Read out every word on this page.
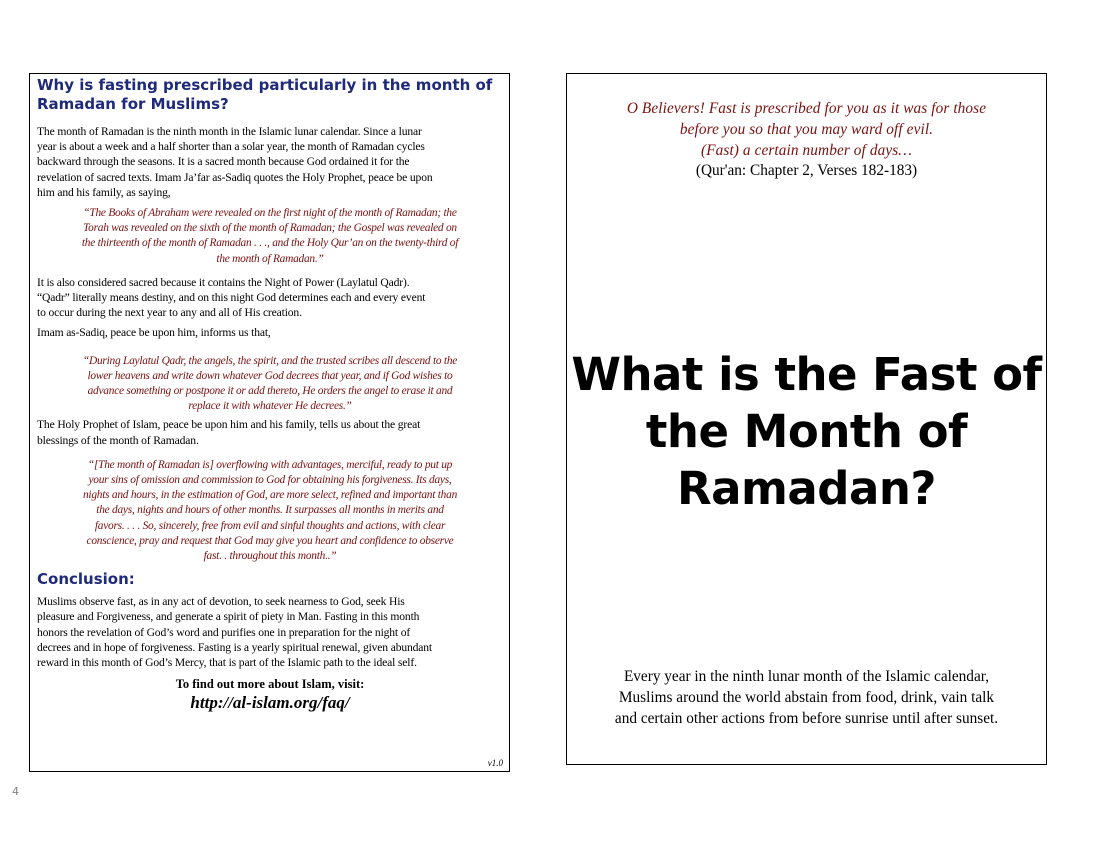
Why is fasting prescribed particularly in the month of Ramadan for Muslims?

The month of Ramadan is the ninth month in the Islamic lunar calendar. Since a lunar
year is about a week and a half shorter than a solar year, the month of Ramadan cycles
backward through the seasons. It is a sacred month because God ordained it for the
revelation of sacred texts. Imam Ja’far as-Sadiq quotes the Holy Prophet, peace be upon
him and his family, as saying,

“The Books of Abraham were revealed on the first night of the month of Ramadan; the
Torah was revealed on the sixth of the month of Ramadan; the Gospel was revealed on
the thirteenth of the month of Ramadan . . ., and the Holy Qur’an on the twenty-third of
the month of Ramadan.”

It is also considered sacred because it contains the Night of Power (Laylatul Qadr).
“Qadr” literally means destiny, and on this night God determines each and every event
to occur during the next year to any and all of His creation.

Imam as-Sadiq, peace be upon him, informs us that,

“During Laylatul Qadr, the angels, the spirit, and the trusted scribes all descend to the
lower heavens and write down whatever God decrees that year, and if God wishes to
advance something or postpone it or add thereto, He orders the angel to erase it and
replace it with whatever He decrees.”

The Holy Prophet of Islam, peace be upon him and his family, tells us about the great
blessings of the month of Ramadan.

“[The month of Ramadan is] overflowing with advantages, merciful, ready to put up
your sins of omission and commission to God for obtaining his forgiveness. Its days,
nights and hours, in the estimation of God, are more select, refined and important than
the days, nights and hours of other months. It surpasses all months in merits and
favors. . . . So, sincerely, free from evil and sinful thoughts and actions, with clear
conscience, pray and request that God may give you heart and confidence to observe
fast. . throughout this month..”

Conclusion:

Muslims observe fast, as in any act of devotion, to seek nearness to God, seek His
pleasure and Forgiveness, and generate a spirit of piety in Man. Fasting in this month
honors the revelation of God’s word and purifies one in preparation for the night of
decrees and in hope of forgiveness. Fasting is a yearly spiritual renewal, given abundant
reward in this month of God’s Mercy, that is part of the Islamic path to the ideal self.

To find out more about Islam, visit:
http://al-islam.org/faq/
v1.0
O Believers! Fast is prescribed for you as it was for those
before you so that you may ward off evil.
(Fast) a certain number of days…
(Qur'an: Chapter 2, Verses 182-183)
What is the Fast of
the Month of
Ramadan?
Every year in the ninth lunar month of the Islamic calendar,
Muslims around the world abstain from food, drink, vain talk
and certain other actions from before sunrise until after sunset.
4
